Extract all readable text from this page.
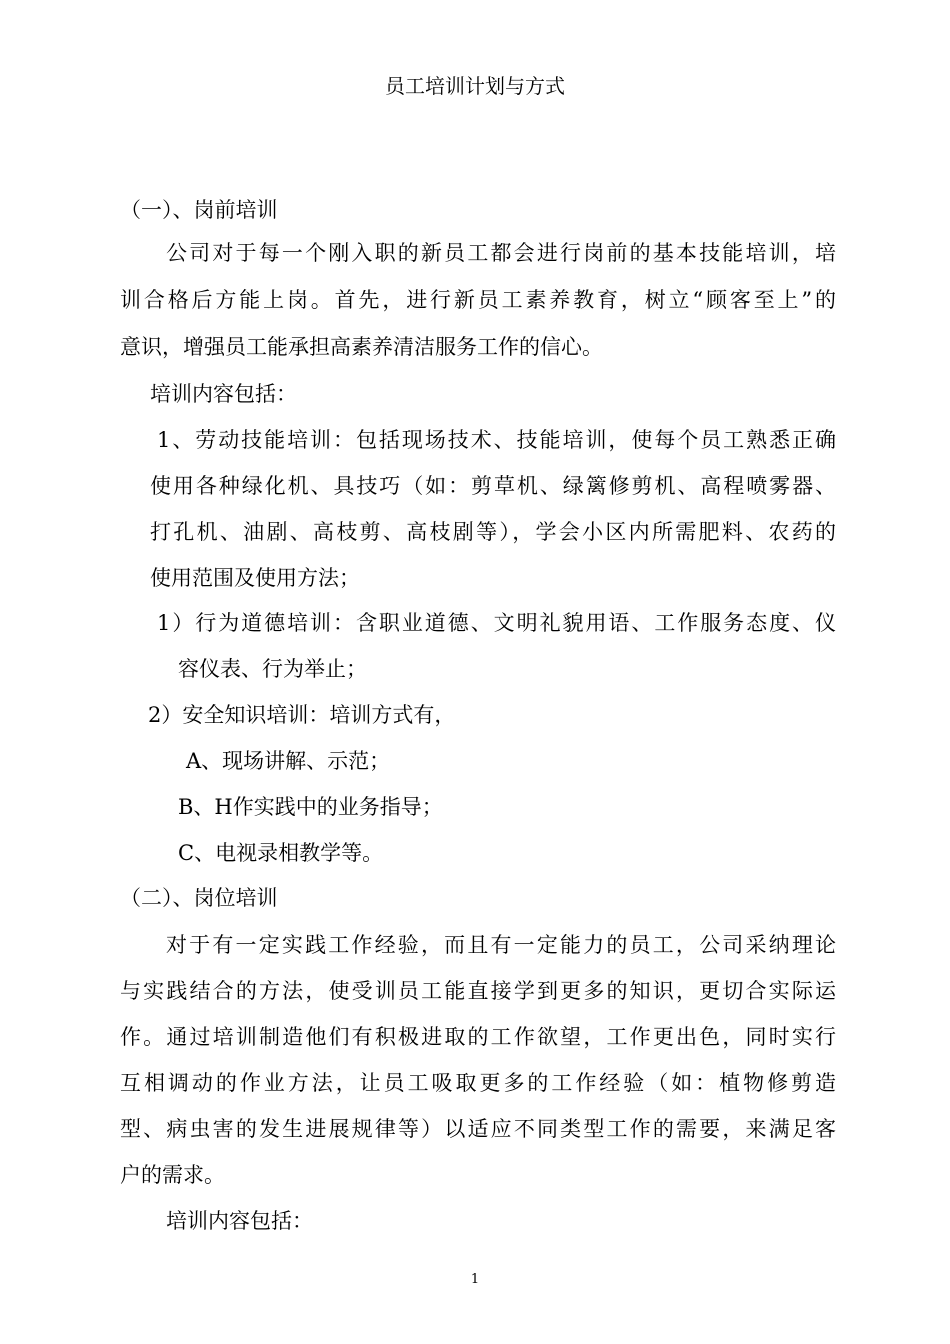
员工培训计划与方式

（一）、岗前培训

公司对于每一个刚入职的新员工都会进行岗前的基本技能培训，培

训合格后方能上岗。首先，进行新员工素养教育，树立“顾客至上”的

意识，增强员工能承担高素养清洁服务工作的信心。

培训内容包括：

1、劳动技能培训：包括现场技术、技能培训，使每个员工熟悉正确

使用各种绿化机、具技巧（如：剪草机、绿篱修剪机、高程喷雾器、

打孔机、油剧、高枝剪、高枝剧等），学会小区内所需肥料、农药的

使用范围及使用方法；

1）行为道德培训：含职业道德、文明礼貌用语、工作服务态度、仪

容仪表、行为举止；

2）安全知识培训：培训方式有，

A、现场讲解、示范；

B、H作实践中的业务指导；

C、电视录相教学等。

（二）、岗位培训

对于有一定实践工作经验，而且有一定能力的员工，公司采纳理论

与实践结合的方法，使受训员工能直接学到更多的知识，更切合实际运

作。通过培训制造他们有积极进取的工作欲望，工作更出色，同时实行

互相调动的作业方法，让员工吸取更多的工作经验（如：植物修剪造

型、病虫害的发生进展规律等）以适应不同类型工作的需要，来满足客

户的需求。

培训内容包括：

1
